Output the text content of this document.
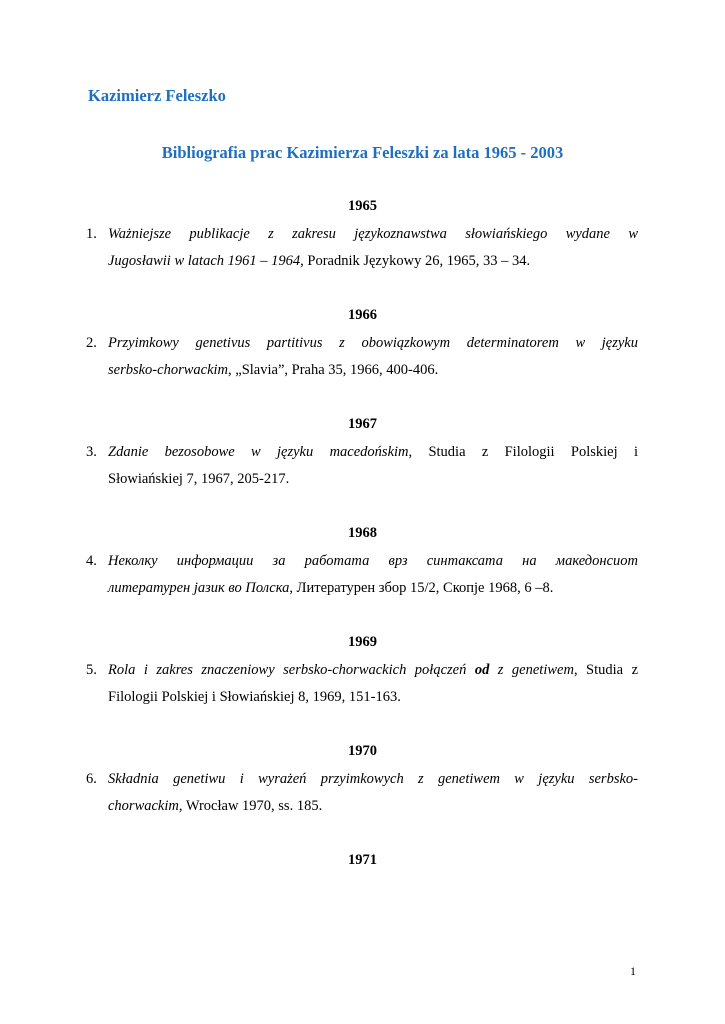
Kazimierz Feleszko
Bibliografia prac Kazimierza Feleszki za lata 1965 - 2003
1965
1. Ważniejsze publikacje z zakresu językoznawstwa słowiańskiego wydane w
Jugosławii w latach 1961 – 1964, Poradnik Językowy 26, 1965, 33 – 34.
1966
2. Przyimkowy genetivus partitivus z obowiązkowym determinatorem w języku
serbsko-chorwackim, „Slavia”, Praha 35, 1966, 400-406.
1967
3. Zdanie bezosobowe w języku macedońskim, Studia z Filologii Polskiej i
Słowiańskiej 7, 1967, 205-217.
1968
4. Неколку информации за работата врз синтаксата на македонсиот
литературен јазик во Полска, Литературен збор 15/2, Скопје 1968, 6 –8.
1969
5. Rola i zakres znaczeniowy serbsko-chorwackich połączeń od z genetiwem, Studia z
Filologii Polskiej i Słowiańskiej 8, 1969, 151-163.
1970
6. Składnia genetiwu i wyrażeń przyimkowych z genetiwem w języku serbsko-
chorwackim, Wrocław 1970, ss. 185.
1971
1
